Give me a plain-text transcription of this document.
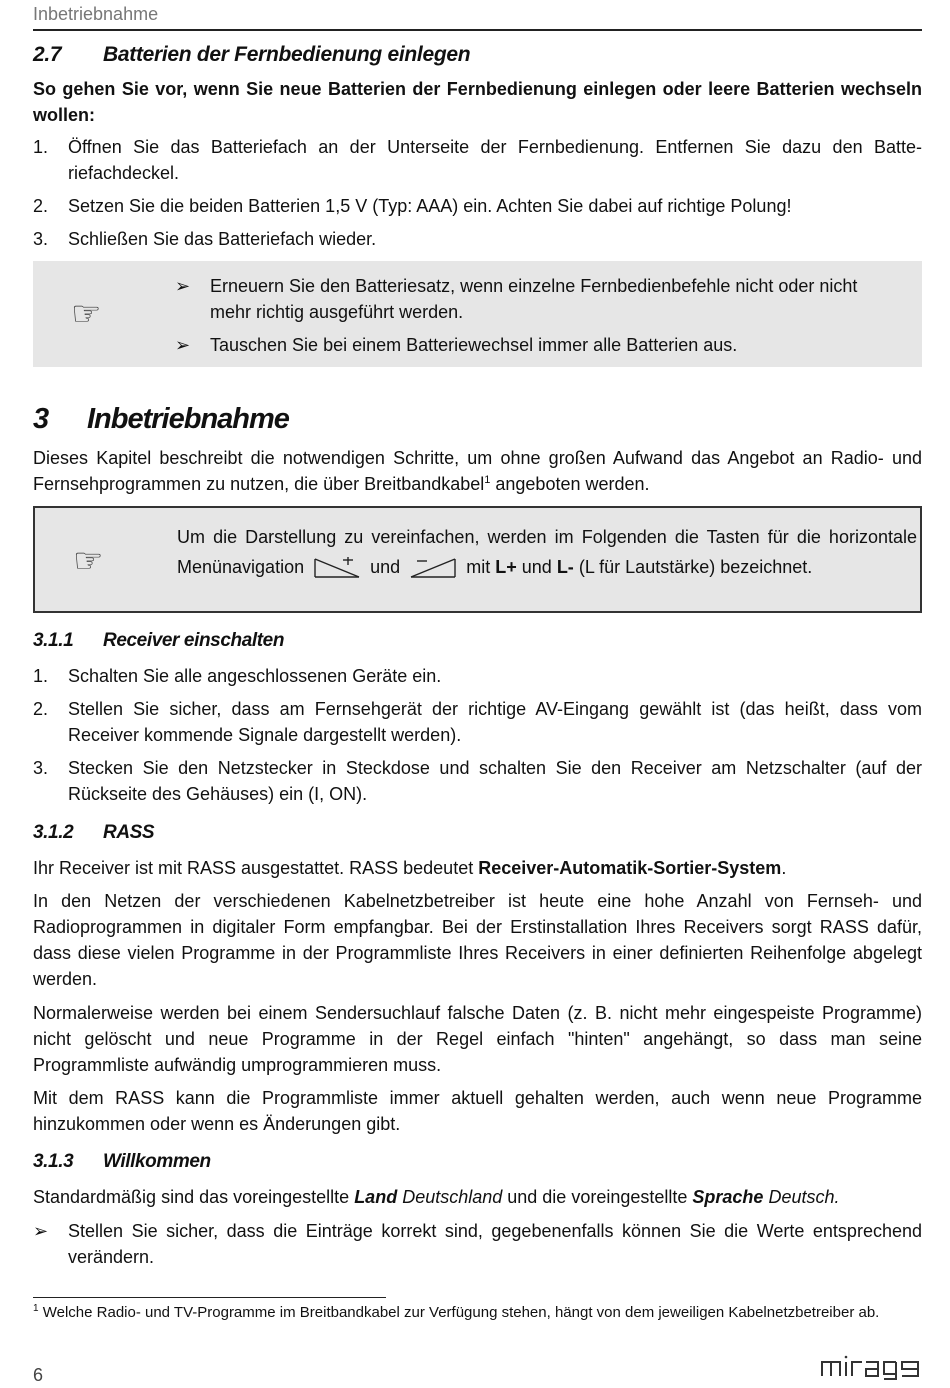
Inbetriebnahme
2.7 Batterien der Fernbedienung einlegen
So gehen Sie vor, wenn Sie neue Batterien der Fernbedienung einlegen oder leere Batterien wechseln wollen:
1. Öffnen Sie das Batteriefach an der Unterseite der Fernbedienung. Entfernen Sie dazu den Batteriefachdeckel.
2. Setzen Sie die beiden Batterien 1,5 V (Typ: AAA) ein. Achten Sie dabei auf richtige Polung!
3. Schließen Sie das Batteriefach wieder.
☞
➢ Erneuern Sie den Batteriesatz, wenn einzelne Fernbedienbefehle nicht oder nicht mehr richtig ausgeführt werden.
➢ Tauschen Sie bei einem Batteriewechsel immer alle Batterien aus.
3 Inbetriebnahme

Dieses Kapitel beschreibt die notwendigen Schritte, um ohne großen Aufwand das Angebot an Radio- und Fernsehprogrammen zu nutzen, die über Breitbandkabel$^1$ angeboten werden.

☞
Um die Darstellung zu vereinfachen, werden im Folgenden die Tasten für die horizontale Menünavigation	und	mit L+ und L- (L für Lautstärke) bezeichnet.
3.1.1 Receiver einschalten
1. Schalten Sie alle angeschlossenen Geräte ein.
2. Stellen Sie sicher, dass am Fernsehgerät der richtige AV-Eingang gewählt ist (das heißt, dass vom Receiver kommende Signale dargestellt werden).
3. Stecken Sie den Netzstecker in Steckdose und schalten Sie den Receiver am Netzschalter (auf der Rückseite des Gehäuses) ein (I, ON).
3.1.2 RASS

Ihr Receiver ist mit RASS ausgestattet. RASS bedeutet Receiver-Automatik-Sortier-System.

In den Netzen der verschiedenen Kabelnetzbetreiber ist heute eine hohe Anzahl von Fernseh- und Radioprogrammen in digitaler Form empfangbar. Bei der Erstinstallation Ihres Receivers sorgt RASS dafür, dass diese vielen Programme in der Programmliste Ihres Receivers in einer definierten Reihenfolge abgelegt werden.

Normalerweise werden bei einem Sendersuchlauf falsche Daten (z. B. nicht mehr eingespeiste Programme) nicht gelöscht und neue Programme in der Regel einfach "hinten" angehängt, so dass man seine Programmliste aufwändig umprogrammieren muss.

Mit dem RASS kann die Programmliste immer aktuell gehalten werden, auch wenn neue Programme hinzukommen oder wenn es Änderungen gibt.

3.1.3 Willkommen

Standardmäßig sind das voreingestellte Land Deutschland und die voreingestellte Sprache Deutsch.

➢ Stellen Sie sicher, dass die Einträge korrekt sind, gegebenenfalls können Sie die Werte entsprechend verändern.
$^1$ Welche Radio- und TV-Programme im Breitbandkabel zur Verfügung stehen, hängt von dem jeweiligen Kabelnetzbetreiber ab.
6
mirage
